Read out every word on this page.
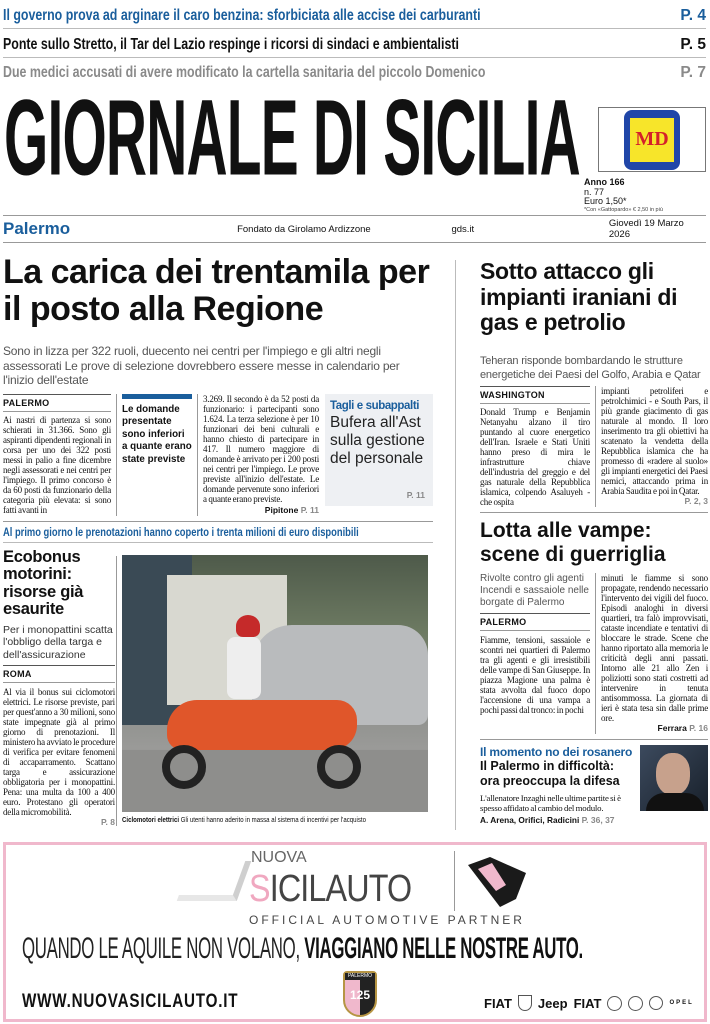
Il governo prova ad arginare il caro benzina: sforbiciata alle accise dei carburanti	P. 4
Ponte sullo Stretto, il Tar del Lazio respinge i ricorsi di sindaci e ambientalisti	P. 5
Due medici accusati di avere modificato la cartella sanitaria del piccolo Domenico	P. 7
GIORNALE DI SICILIA	MD
Anno 166
n. 77
Euro 1,50*
*Con «Gattopardo» € 2,50 in più
Palermo	Fondato da Girolamo Ardizzone	gds.it	Giovedì 19 Marzo 2026
La carica dei trentamila per il posto alla Regione
Sono in lizza per 322 ruoli, duecento nei centri per l'impiego e gli altri negli assessorati Le prove di selezione dovrebbero essere messe in calendario per l'inizio dell'estate
PALERMO
Ai nastri di partenza si sono schierati in 31.366. Sono gli aspiranti dipendenti regionali in corsa per uno dei 322 posti messi in palio a fine dicembre negli assessorati e nei centri per l'impiego. Il primo concorso è da 60 posti da funzionario della categoria più elevata: si sono fatti avanti in
Le domande presentate sono inferiori a quante erano state previste
3.269. Il secondo è da 52 posti da funzionario: i partecipanti sono 1.624. La terza selezione è per 10 funzionari dei beni culturali e hanno chiesto di partecipare in 417. Il numero maggiore di domande è arrivato per i 200 posti nei centri per l'impiego. Le prove previste all'inizio dell'estate. Le domande pervenute sono inferiori a quante erano previste.
Pipitone P. 11
Tagli e subappalti
Bufera all'Ast sulla gestione del personale
P. 11
Al primo giorno le prenotazioni hanno coperto i trenta milioni di euro disponibili
Ecobonus motorini: risorse già esaurite
Per i monopattini scatta l'obbligo della targa e dell'assicurazione
ROMA
Al via il bonus sui ciclomotori elettrici. Le risorse previste, pari per quest'anno a 30 milioni, sono state impegnate già al primo giorno di prenotazioni. Il ministero ha avviato le procedure di verifica per evitare fenomeni di accaparramento. Scattano targa e assicurazione obbligatoria per i monopattini. Pena: una multa da 100 a 400 euro. Protestano gli operatori della micromobilità.
P. 8 Ciclomotori elettrici Gli utenti hanno aderito in massa al sistema di incentivi per l'acquisto
Sotto attacco gli impianti iraniani di gas e petrolio
Teheran risponde bombardando le strutture energetiche dei Paesi del Golfo, Arabia e Qatar
WASHINGTON
Donald Trump e Benjamin Netanyahu alzano il tiro puntando al cuore energetico dell'Iran. Israele e Stati Uniti hanno preso di mira le infrastrutture chiave dell'industria del greggio e del gas naturale della Repubblica islamica, colpendo Asaluyeh - che ospita
impianti petroliferi e petrolchimici - e South Pars, il più grande giacimento di gas naturale al mondo. Il loro inserimento tra gli obiettivi ha scatenato la vendetta della Repubblica islamica che ha promesso di «radere al suolo» gli impianti energetici dei Paesi nemici, attaccando prima in Arabia Saudita e poi in Qatar.
P. 2, 3
Lotta alle vampe: scene di guerriglia
Rivolte contro gli agenti Incendi e sassaiole nelle borgate di Palermo
PALERMO
Fiamme, tensioni, sassaiole e scontri nei quartieri di Palermo tra gli agenti e gli irresistibili delle vampe di San Giuseppe. In piazza Magione una palma è stata avvolta dal fuoco dopo l'accensione di una vampa a pochi passi dal tronco: in pochi
minuti le fiamme si sono propagate, rendendo necessario l'intervento dei vigili del fuoco. Episodi analoghi in diversi quartieri, tra falò improvvisati, cataste incendiate e tentativi di bloccare le strade. Scene che hanno riportato alla memoria le criticità degli anni passati. Intorno alle 21 allo Zen i poliziotti sono stati costretti ad intervenire in tenuta antisommossa. La giornata di ieri è stata tesa sin dalle prime ore.
Ferrara P. 16
Il momento no dei rosanero
Il Palermo in difficoltà: ora preoccupa la difesa
L'allenatore Inzaghi nelle ultime partite si è spesso affidato al cambio del modulo.
A. Arena, Orifici, Radicini P. 36, 37
NUOVA
SICILAUTO
OFFICIAL AUTOMOTIVE PARTNER
QUANDO LE AQUILE NON VOLANO, VIAGGIANO NELLE NOSTRE AUTO.
WWW.NUOVASICILAUTO.IT
PALERMO
125
FIAT Jeep FIAT	OPEL
